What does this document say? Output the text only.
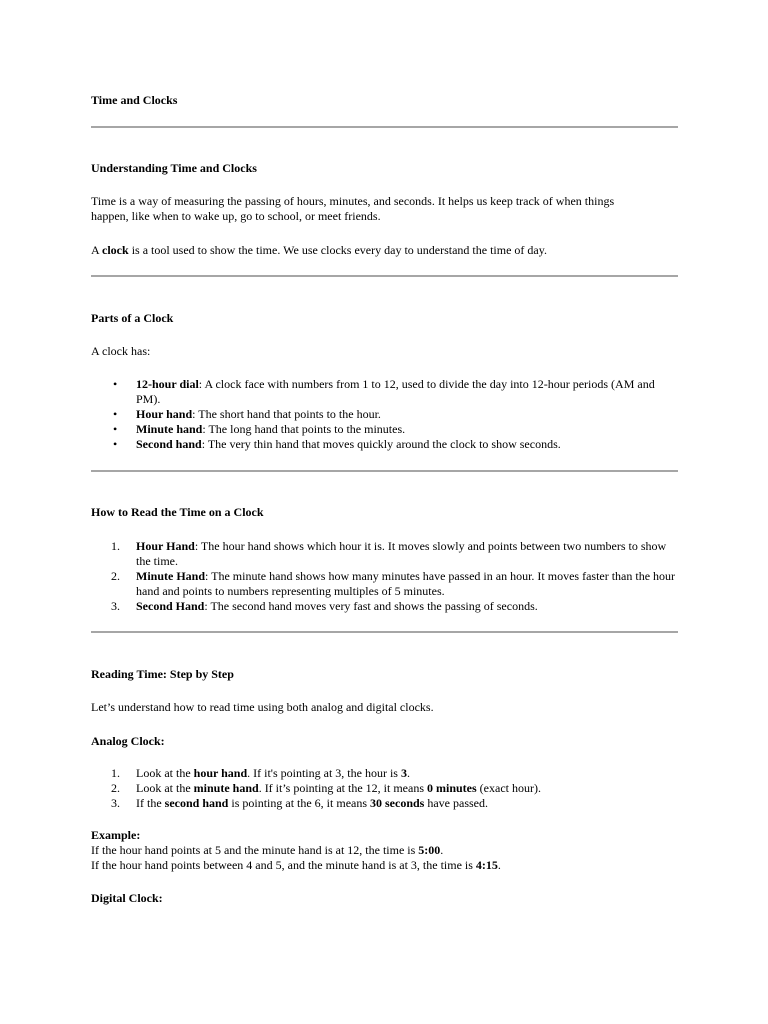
Time and Clocks

Understanding Time and Clocks

Time is a way of measuring the passing of hours, minutes, and seconds. It helps us keep track of when things happen, like when to wake up, go to school, or meet friends.

A clock is a tool used to show the time. We use clocks every day to understand the time of day.

Parts of a Clock

A clock has:

•	12-hour dial: A clock face with numbers from 1 to 12, used to divide the day into 12-hour periods (AM and PM).
•	Hour hand: The short hand that points to the hour.
•	Minute hand: The long hand that points to the minutes.
•	Second hand: The very thin hand that moves quickly around the clock to show seconds.

How to Read the Time on a Clock

1.	Hour Hand: The hour hand shows which hour it is. It moves slowly and points between two numbers to show the time.
2.	Minute Hand: The minute hand shows how many minutes have passed in an hour. It moves faster than the hour hand and points to numbers representing multiples of 5 minutes.
3.	Second Hand: The second hand moves very fast and shows the passing of seconds.

Reading Time: Step by Step

Let’s understand how to read time using both analog and digital clocks.

Analog Clock:

1.	Look at the hour hand. If it's pointing at 3, the hour is 3.
2.	Look at the minute hand. If it’s pointing at the 12, it means 0 minutes (exact hour).
3.	If the second hand is pointing at the 6, it means 30 seconds have passed.

Example:

If the hour hand points at 5 and the minute hand is at 12, the time is 5:00.

If the hour hand points between 4 and 5, and the minute hand is at 3, the time is 4:15.

Digital Clock:
